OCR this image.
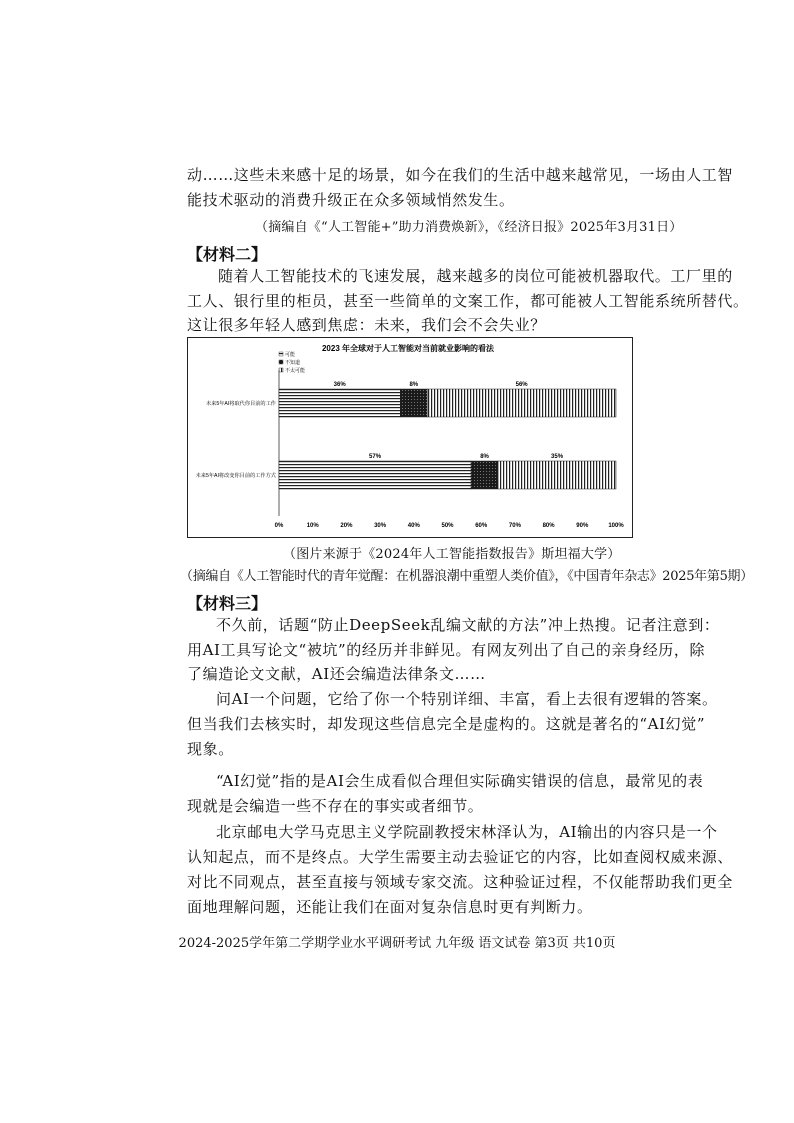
动……这些未来感十足的场景，如今在我们的生活中越来越常见，一场由人工智
能技术驱动的消费升级正在众多领域悄然发生。
（摘编自《“人工智能+”助力消费焕新》，《经济日报》2025年3月31日）
【材料二】
随着人工智能技术的飞速发展，越来越多的岗位可能被机器取代。工厂里的
工人、银行里的柜员，甚至一些简单的文案工作，都可能被人工智能系统所替代。
这让很多年轻人感到焦虑：未来，我们会不会失业？
2023 年全球对于人工智能对当前就业影响的看法
可能
不知道
不太可能
0%	10%	20%	30%	40%	50%	60%	70%	80%	90%	100%
未来5年AI将取代你目前的工作
36%	8%	56%
未来5年AI将改变你目前的工作方式
57%	8%	35%
（图片来源于《2024年人工智能指数报告》斯坦福大学）
（摘编自《人工智能时代的青年觉醒：在机器浪潮中重塑人类价值》，《中国青年杂志》2025年第5期）
【材料三】
不久前，话题“防止DeepSeek乱编文献的方法”冲上热搜。记者注意到：
用AI工具写论文“被坑”的经历并非鲜见。有网友列出了自己的亲身经历，除
了编造论文文献，AI还会编造法律条文……
问AI一个问题，它给了你一个特别详细、丰富，看上去很有逻辑的答案。
但当我们去核实时，却发现这些信息完全是虚构的。这就是著名的“AI幻觉”
现象。
“AI幻觉”指的是AI会生成看似合理但实际确实错误的信息，最常见的表
现就是会编造一些不存在的事实或者细节。
北京邮电大学马克思主义学院副教授宋林泽认为，AI输出的内容只是一个
认知起点，而不是终点。大学生需要主动去验证它的内容，比如查阅权威来源、
对比不同观点，甚至直接与领域专家交流。这种验证过程，不仅能帮助我们更全
面地理解问题，还能让我们在面对复杂信息时更有判断力。
2024-2025学年第二学期学业水平调研考试 九年级 语文试卷 第3页 共10页
